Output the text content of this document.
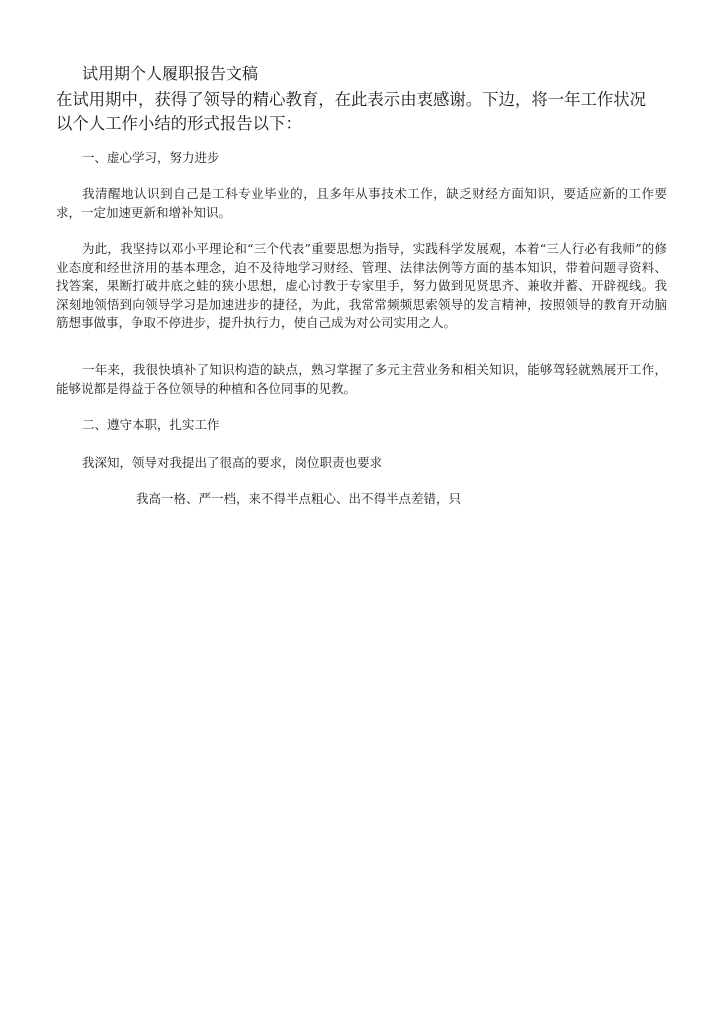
试用期个人履职报告文稿
在试用期中，获得了领导的精心教育，在此表示由衷感谢。下边，将一年工作状况以个人工作小结的形式报告以下：
一、虚心学习，努力进步
我清醒地认识到自己是工科专业毕业的，且多年从事技术工作，缺乏财经方面知识，要适应新的工作要求，一定加速更新和增补知识。
为此，我坚持以邓小平理论和“三个代表”重要思想为指导，实践科学发展观，本着“三人行必有我师”的修业态度和经世济用的基本理念，迫不及待地学习财经、管理、法律法例等方面的基本知识，带着问题寻资料、找答案，果断打破井底之蛙的狭小思想，虚心讨教于专家里手，努力做到见贤思齐、兼收并蓄、开辟视线。我深刻地领悟到向领导学习是加速进步的捷径，为此，我常常频频思索领导的发言精神，按照领导的教育开动脑筋想事做事，争取不停进步，提升执行力，使自己成为对公司实用之人。
一年来，我很快填补了知识构造的缺点，熟习掌握了多元主营业务和相关知识，能够驾轻就熟展开工作，能够说都是得益于各位领导的种植和各位同事的见教。
二、遵守本职，扎实工作
我深知，领导对我提出了很高的要求，岗位职责也要求
我高一格、严一档，来不得半点粗心、出不得半点差错，只
